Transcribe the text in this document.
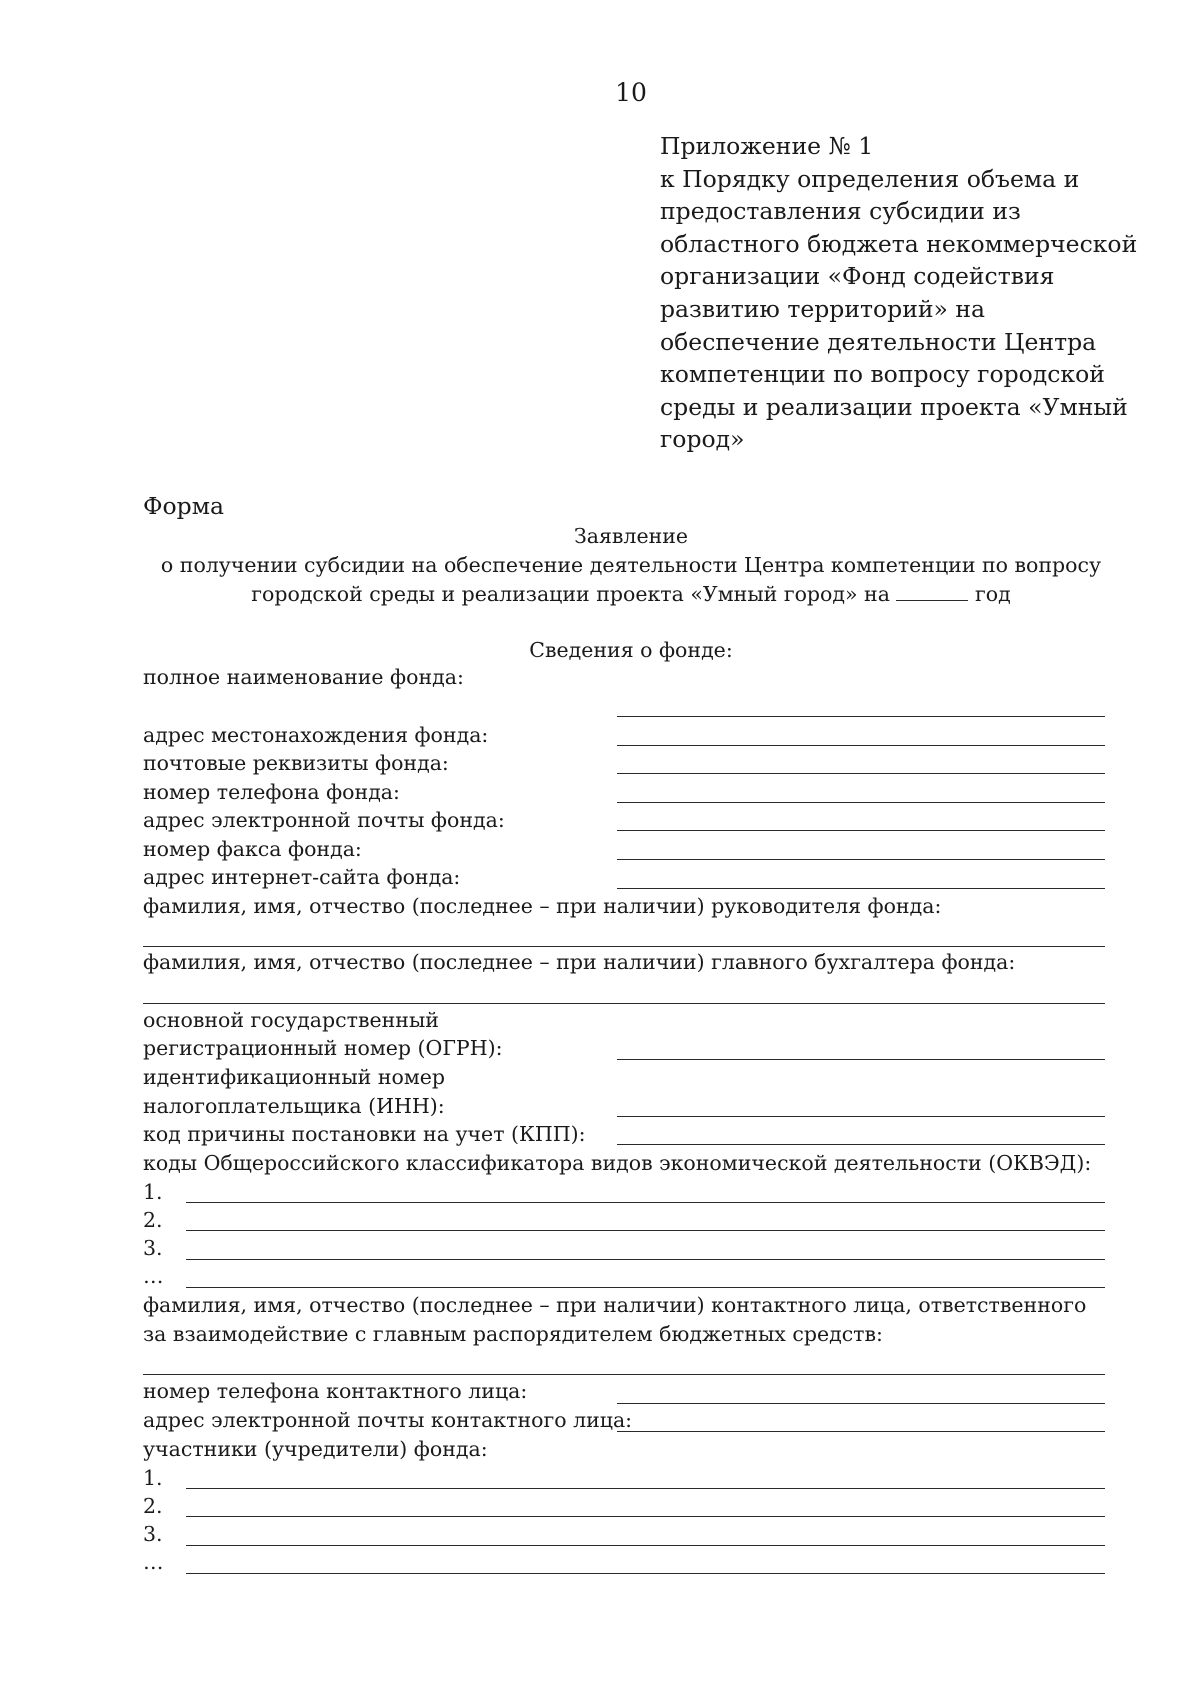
10
Приложение № 1
к Порядку определения объема и
предоставления субсидии из
областного бюджета некоммерческой
организации «Фонд содействия
развитию территорий» на
обеспечение деятельности Центра
компетенции по вопросу городской
среды и реализации проекта «Умный
город»
Форма
Заявление
о получении субсидии на обеспечение деятельности Центра компетенции по вопросу
городской среды и реализации проекта «Умный город» на	год
Сведения о фонде:
полное наименование фонда:
адрес местонахождения фонда:
почтовые реквизиты фонда:
номер телефона фонда:
адрес электронной почты фонда:
номер факса фонда:
адрес интернет-сайта фонда:
фамилия, имя, отчество (последнее – при наличии) руководителя фонда:
фамилия, имя, отчество (последнее – при наличии) главного бухгалтера фонда:
основной государственный
регистрационный номер (ОГРН):
идентификационный номер
налогоплательщика (ИНН):
код причины постановки на учет (КПП):
коды Общероссийского классификатора видов экономической деятельности (ОКВЭД):
1.
2.
3.
…
фамилия, имя, отчество (последнее – при наличии) контактного лица, ответственного
за взаимодействие с главным распорядителем бюджетных средств:
номер телефона контактного лица:
адрес электронной почты контактного лица:
участники (учредители) фонда:
1.
2.
3.
…
